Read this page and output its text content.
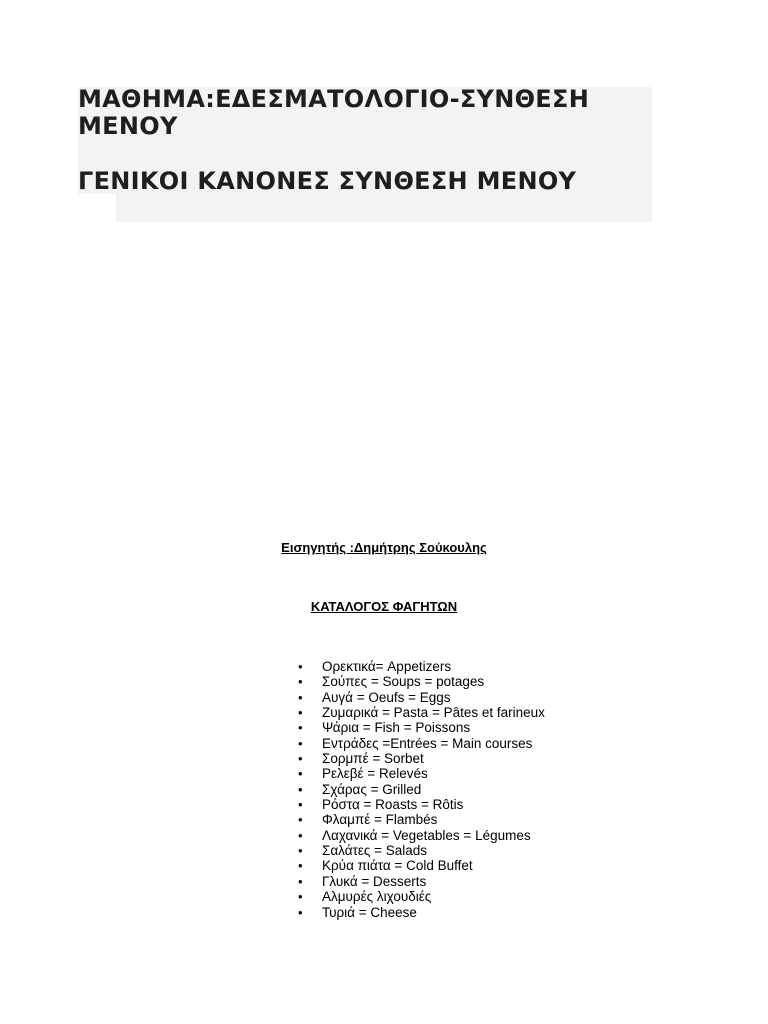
ΜΑΘΗΜΑ:ΕΔΕΣΜΑΤΟΛΟΓΙΟ-ΣΥΝΘΕΣΗ ΜΕΝΟΥ
ΓΕΝΙΚΟΙ ΚΑΝΟΝΕΣ ΣΥΝΘΕΣΗ ΜΕΝΟΥ
Εισηγητής :Δημήτρης Σούκουλης
ΚΑΤΑΛΟΓΟΣ ΦΑΓΗΤΩΝ
• Ορεκτικά= Appetizers
• Σούπες = Soups = potages
• Αυγά = Oeufs = Eggs
• Ζυμαρικά = Pasta = Pâtes et farineux
• Ψάρια = Fish = Poissons
• Εντράδες =Entrées = Main courses
• Σορμπέ = Sorbet
• Ρελεβέ = Relevés
• Σχάρας = Grilled
• Ρόστα = Roasts = Rôtis
• Φλαμπέ = Flambés
• Λαχανικά = Vegetables = Légumes
• Σαλάτες = Salads
• Κρύα πιάτα = Cold Buffet
• Γλυκά = Desserts
• Αλμυρές λιχουδιές
• Τυριά = Cheese
